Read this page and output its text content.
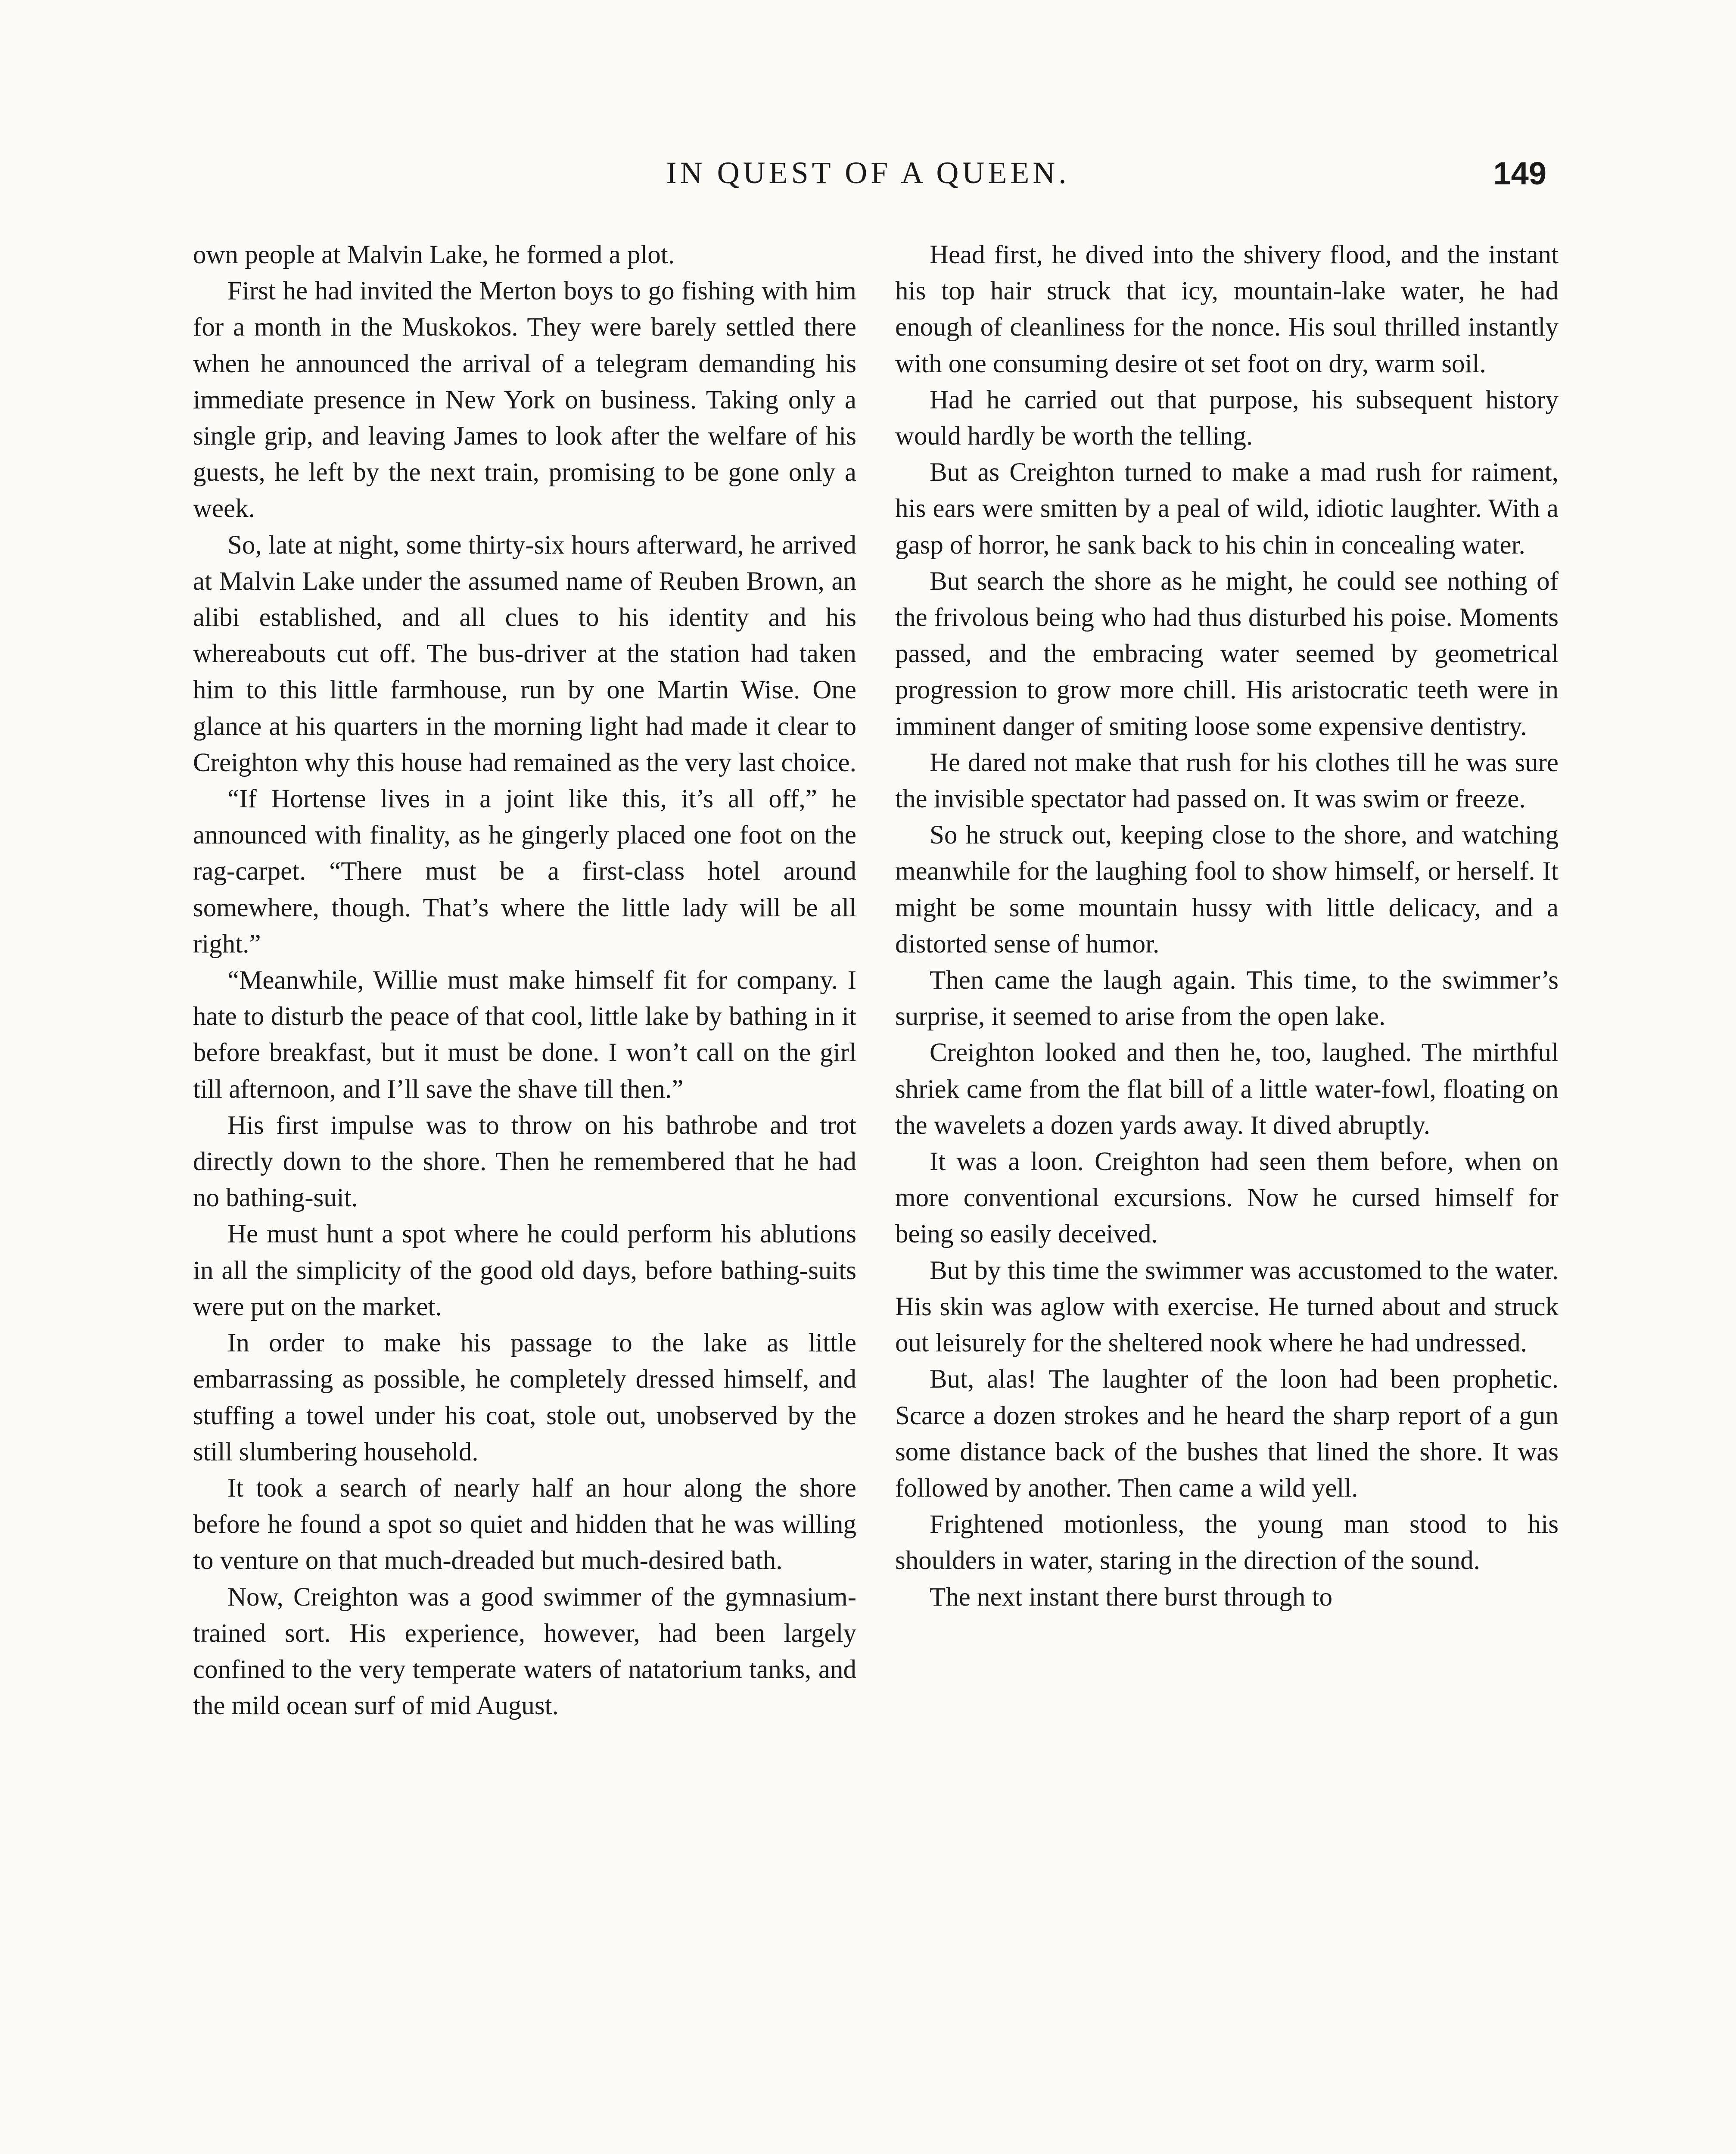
IN QUEST OF A QUEEN.	149

own people at Malvin Lake, he formed a plot.

First he had invited the Merton boys to go fishing with him for a month in the Muskokos. They were barely settled there when he announced the arrival of a telegram demanding his immediate presence in New York on business. Taking only a single grip, and leaving James to look after the welfare of his guests, he left by the next train, promising to be gone only a week.

So, late at night, some thirty-six hours afterward, he arrived at Malvin Lake under the assumed name of Reuben Brown, an alibi established, and all clues to his identity and his whereabouts cut off. The bus-driver at the station had taken him to this little farmhouse, run by one Martin Wise. One glance at his quarters in the morning light had made it clear to Creighton why this house had remained as the very last choice.

“If Hortense lives in a joint like this, it’s all off,” he announced with finality, as he gingerly placed one foot on the rag-carpet. “There must be a first-class hotel around somewhere, though. That’s where the little lady will be all right.”

“Meanwhile, Willie must make himself fit for company. I hate to disturb the peace of that cool, little lake by bathing in it before breakfast, but it must be done. I won’t call on the girl till afternoon, and I’ll save the shave till then.”

His first impulse was to throw on his bathrobe and trot directly down to the shore. Then he remembered that he had no bathing-suit.

He must hunt a spot where he could perform his ablutions in all the simplicity of the good old days, before bathing-suits were put on the market.

In order to make his passage to the lake as little embarrassing as possible, he completely dressed himself, and stuffing a towel under his coat, stole out, unobserved by the still slumbering household.

It took a search of nearly half an hour along the shore before he found a spot so quiet and hidden that he was willing to venture on that much-dreaded but much-desired bath.

Now, Creighton was a good swimmer of the gymnasium-trained sort. His experience, however, had been largely confined to the very temperate waters of natatorium tanks, and the mild ocean surf of mid August.

Head first, he dived into the shivery flood, and the instant his top hair struck that icy, mountain-lake water, he had enough of cleanliness for the nonce. His soul thrilled instantly with one consuming desire ot set foot on dry, warm soil.

Had he carried out that purpose, his subsequent history would hardly be worth the telling.

But as Creighton turned to make a mad rush for raiment, his ears were smitten by a peal of wild, idiotic laughter. With a gasp of horror, he sank back to his chin in concealing water.

But search the shore as he might, he could see nothing of the frivolous being who had thus disturbed his poise. Moments passed, and the embracing water seemed by geometrical progression to grow more chill. His aristocratic teeth were in imminent danger of smiting loose some expensive dentistry.

He dared not make that rush for his clothes till he was sure the invisible spectator had passed on. It was swim or freeze.

So he struck out, keeping close to the shore, and watching meanwhile for the laughing fool to show himself, or herself. It might be some mountain hussy with little delicacy, and a distorted sense of humor.

Then came the laugh again. This time, to the swimmer’s surprise, it seemed to arise from the open lake.

Creighton looked and then he, too, laughed. The mirthful shriek came from the flat bill of a little water-fowl, floating on the wavelets a dozen yards away. It dived abruptly.

It was a loon. Creighton had seen them before, when on more conventional excursions. Now he cursed himself for being so easily deceived.

But by this time the swimmer was accustomed to the water. His skin was aglow with exercise. He turned about and struck out leisurely for the sheltered nook where he had undressed.

But, alas! The laughter of the loon had been prophetic. Scarce a dozen strokes and he heard the sharp report of a gun some distance back of the bushes that lined the shore. It was followed by another. Then came a wild yell.

Frightened motionless, the young man stood to his shoulders in water, staring in the direction of the sound.

The next instant there burst through to
